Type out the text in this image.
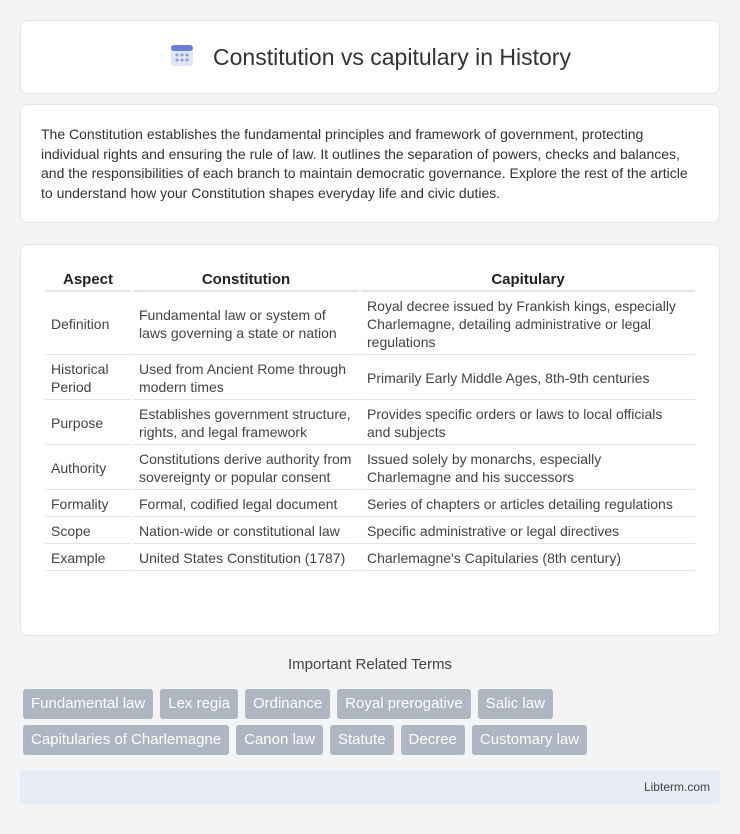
Constitution vs capitulary in History

The Constitution establishes the fundamental principles and framework of government, protecting individual rights and ensuring the rule of law. It outlines the separation of powers, checks and balances, and the responsibilities of each branch to maintain democratic governance. Explore the rest of the article to understand how your Constitution shapes everyday life and civic duties.

Aspect	Constitution	Capitulary
Definition	Fundamental law or system of laws governing a state or nation	Royal decree issued by Frankish kings, especially Charlemagne, detailing administrative or legal regulations
Historical Period	Used from Ancient Rome through modern times	Primarily Early Middle Ages, 8th-9th centuries
Purpose	Establishes government structure, rights, and legal framework	Provides specific orders or laws to local officials and subjects
Authority	Constitutions derive authority from sovereignty or popular consent	Issued solely by monarchs, especially Charlemagne and his successors
Formality	Formal, codified legal document	Series of chapters or articles detailing regulations
Scope	Nation-wide or constitutional law	Specific administrative or legal directives
Example	United States Constitution (1787)	Charlemagne's Capitularies (8th century)
Important Related Terms
Fundamental law	Lex regia	Ordinance	Royal prerogative	Salic law
Capitularies of Charlemagne	Canon law	Statute	Decree	Customary law
Libterm.com
